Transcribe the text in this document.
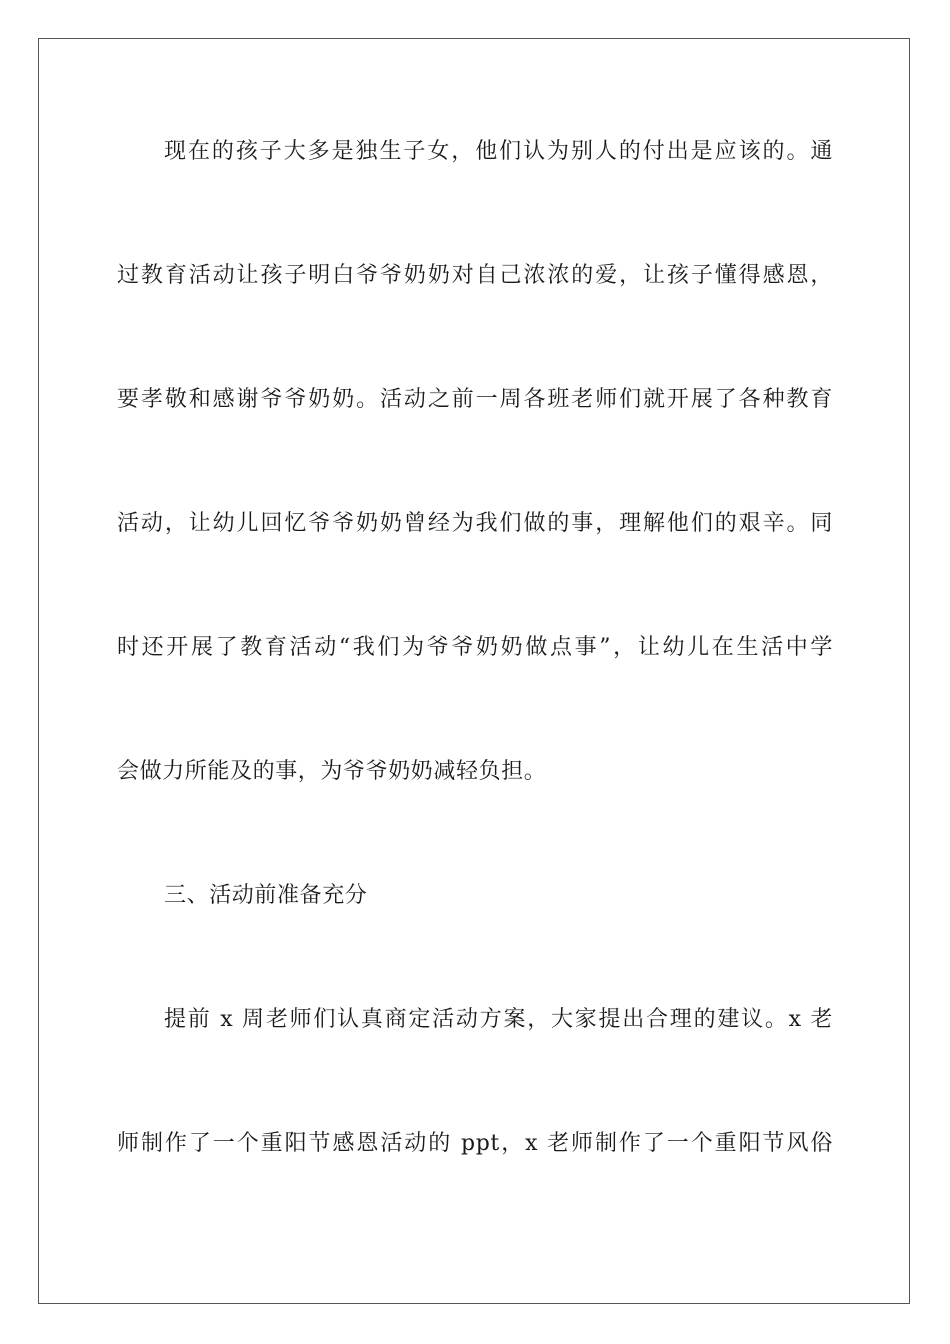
现在的孩子大多是独生子女，他们认为别人的付出是应该的。通
过教育活动让孩子明白爷爷奶奶对自己浓浓的爱，让孩子懂得感恩，
要孝敬和感谢爷爷奶奶。活动之前一周各班老师们就开展了各种教育
活动，让幼儿回忆爷爷奶奶曾经为我们做的事，理解他们的艰辛。同
时还开展了教育活动“我们为爷爷奶奶做点事”，让幼儿在生活中学
会做力所能及的事，为爷爷奶奶减轻负担。
三、活动前准备充分
提前 x 周老师们认真商定活动方案，大家提出合理的建议。x 老
师制作了一个重阳节感恩活动的 ppt，x 老师制作了一个重阳节风俗
